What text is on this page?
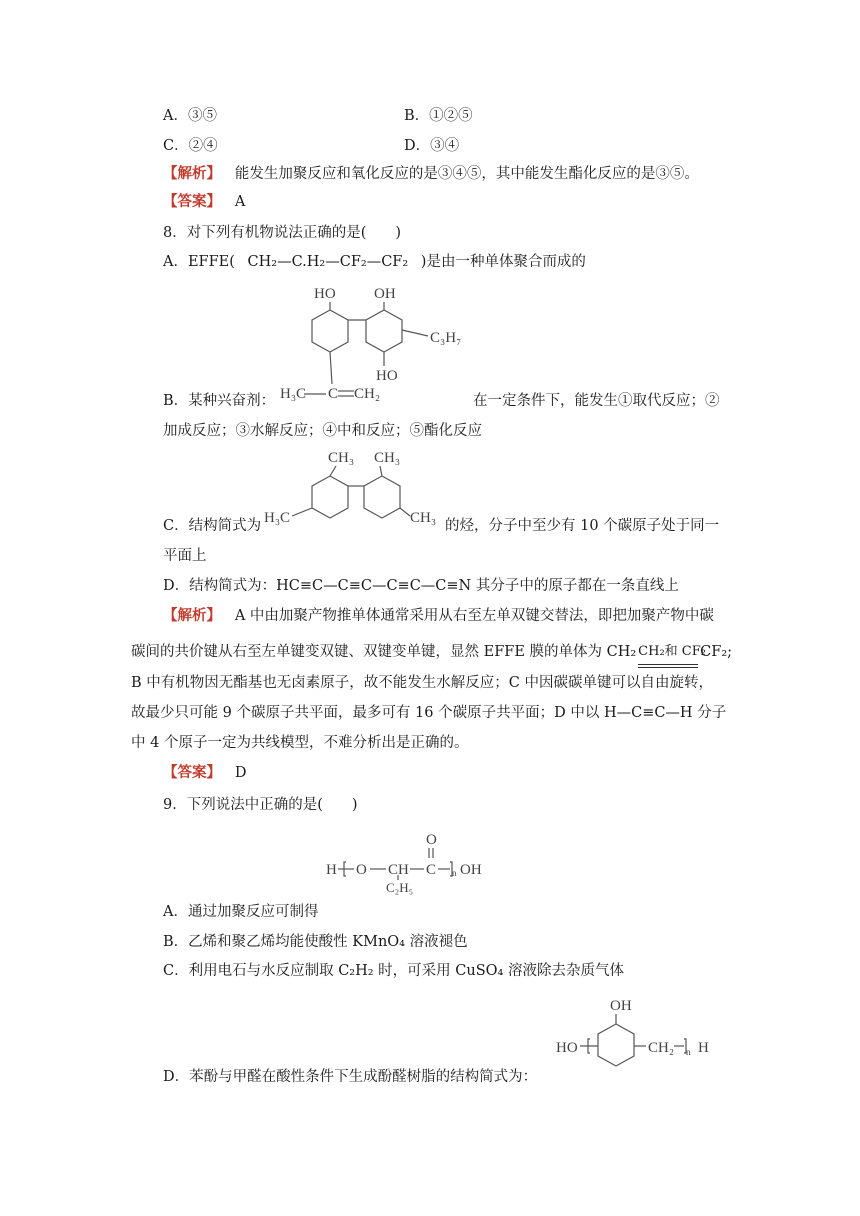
A．③⑤	B．①②⑤
C．②④	D．③④
【解析】 能发生加聚反应和氧化反应的是③④⑤，其中能发生酯化反应的是③⑤。
【答案】 A
8．对下列有机物说法正确的是(　　)
A．EFFE( CH₂—C.H₂—CF₂—CF₂ )是由一种单体聚合而成的
HO	OH
C₃H₇
HO
H₃C C CH₂
B．某种兴奋剂：	在一定条件下，能发生①取代反应；②
加成反应；③水解反应；④中和反应；⑤酯化反应
CH₃ CH₃
H₃C	CH₃
C．结构简式为	的烃，分子中至少有 10 个碳原子处于同一
平面上
D．结构简式为：HC≡C—C≡C—C≡C—C≡N 其分子中的原子都在一条直线上
【解析】 A 中由加聚产物推单体通常采用从右至左单双键交替法，即把加聚产物中碳
碳间的共价键从右至左单键变双键、双键变单键，显然 EFFE 膜的单体为 CH₂ CH₂和 CF₂
CF₂;
B 中有机物因无酯基也无卤素原子，故不能发生水解反应；C 中因碳碳单键可以自由旋转，
故最少只可能 9 个碳原子共平面，最多可有 16 个碳原子共平面；D 中以 H—C≡C—H 分子
中 4 个原子一定为共线模型，不难分析出是正确的。
【答案】 D
9．下列说法中正确的是(　　)
O
H O CH C n OH
C₂H₅
A．通过加聚反应可制得
B．乙烯和聚乙烯均能使酸性 KMnO₄ 溶液褪色
C．利用电石与水反应制取 C₂H₂ 时，可采用 CuSO₄ 溶液除去杂质气体
OH
HO	CH₂ n H
D．苯酚与甲醛在酸性条件下生成酚醛树脂的结构简式为：
